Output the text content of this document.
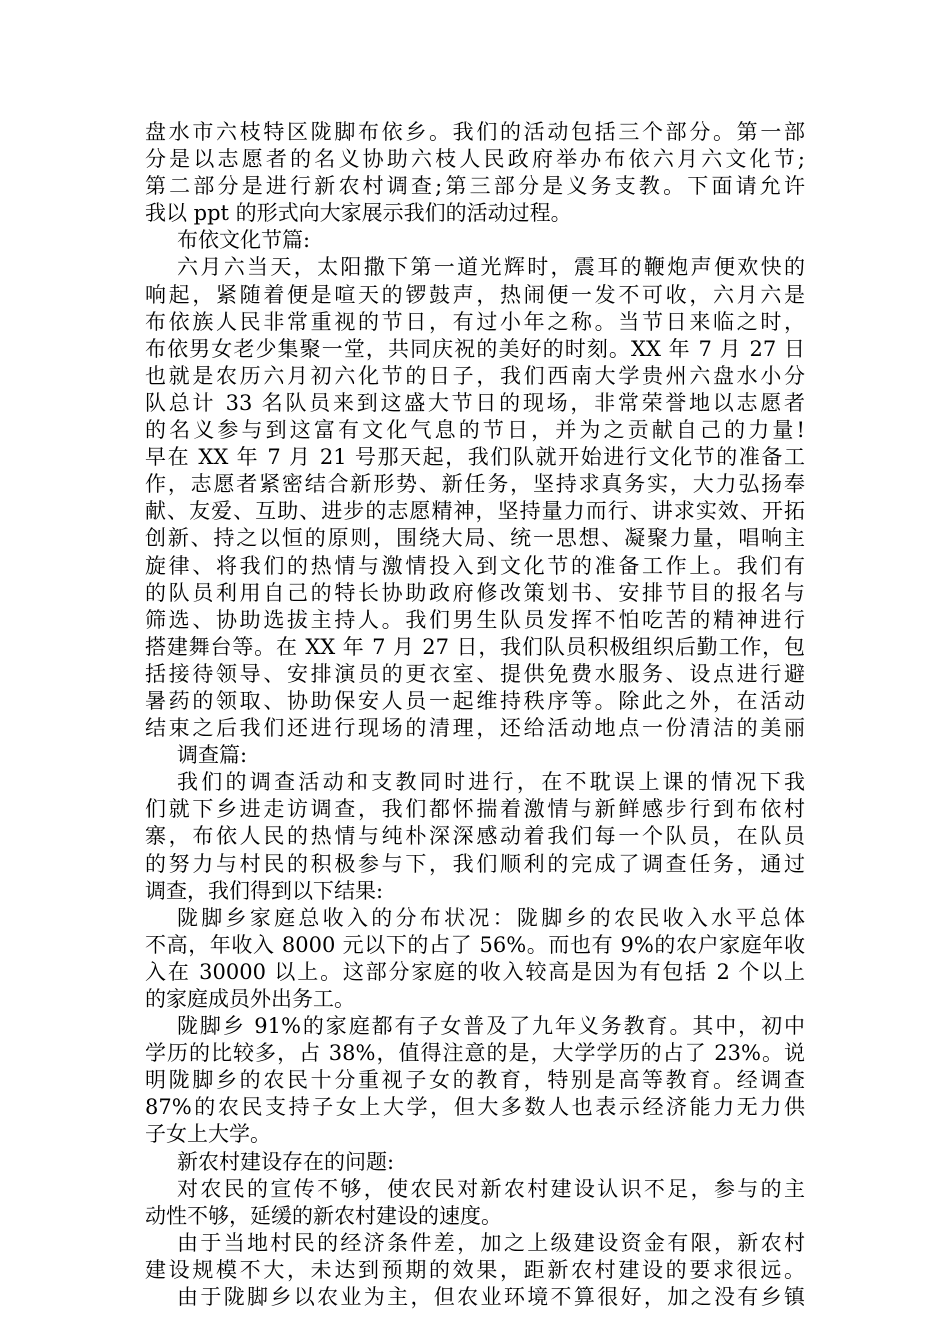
盘水市六枝特区陇脚布依乡。我们的活动包括三个部分。第一部
分是以志愿者的名义协助六枝人民政府举办布依六月六文化节;
第二部分是进行新农村调查;第三部分是义务支教。下面请允许
我以 ppt 的形式向大家展示我们的活动过程。
布依文化节篇:
六月六当天，太阳撒下第一道光辉时，震耳的鞭炮声便欢快的
响起，紧随着便是喧天的锣鼓声，热闹便一发不可收，六月六是
布依族人民非常重视的节日，有过小年之称。当节日来临之时，
布依男女老少集聚一堂，共同庆祝的美好的时刻。XX 年 7 月 27 日
也就是农历六月初六化节的日子，我们西南大学贵州六盘水小分
队总计 33 名队员来到这盛大节日的现场，非常荣誉地以志愿者
的名义参与到这富有文化气息的节日，并为之贡献自己的力量!
早在 XX 年 7 月 21 号那天起，我们队就开始进行文化节的准备工
作，志愿者紧密结合新形势、新任务，坚持求真务实，大力弘扬奉
献、友爱、互助、进步的志愿精神，坚持量力而行、讲求实效、开拓
创新、持之以恒的原则，围绕大局、统一思想、凝聚力量，唱响主
旋律、将我们的热情与激情投入到文化节的准备工作上。我们有
的队员利用自己的特长协助政府修改策划书、安排节目的报名与
筛选、协助选拔主持人。我们男生队员发挥不怕吃苦的精神进行
搭建舞台等。在 XX 年 7 月 27 日，我们队员积极组织后勤工作，包
括接待领导、安排演员的更衣室、提供免费水服务、设点进行避
暑药的领取、协助保安人员一起维持秩序等。除此之外，在活动
结束之后我们还进行现场的清理，还给活动地点一份清洁的美丽
调查篇:
我们的调查活动和支教同时进行，在不耽误上课的情况下我
们就下乡进走访调查，我们都怀揣着激情与新鲜感步行到布依村
寨，布依人民的热情与纯朴深深感动着我们每一个队员，在队员
的努力与村民的积极参与下，我们顺利的完成了调查任务，通过
调查，我们得到以下结果:
陇脚乡家庭总收入的分布状况：陇脚乡的农民收入水平总体
不高，年收入 8000 元以下的占了 56%。而也有 9%的农户家庭年收
入在 30000 以上。这部分家庭的收入较高是因为有包括 2 个以上
的家庭成员外出务工。
陇脚乡 91%的家庭都有子女普及了九年义务教育。其中，初中
学历的比较多，占 38%，值得注意的是，大学学历的占了 23%。说
明陇脚乡的农民十分重视子女的教育，特别是高等教育。经调查
87%的农民支持子女上大学，但大多数人也表示经济能力无力供
子女上大学。
新农村建设存在的问题:
对农民的宣传不够，使农民对新农村建设认识不足，参与的主
动性不够，延缓的新农村建设的速度。
由于当地村民的经济条件差，加之上级建设资金有限，新农村
建设规模不大，未达到预期的效果，距新农村建设的要求很远。
由于陇脚乡以农业为主，但农业环境不算很好，加之没有乡镇
